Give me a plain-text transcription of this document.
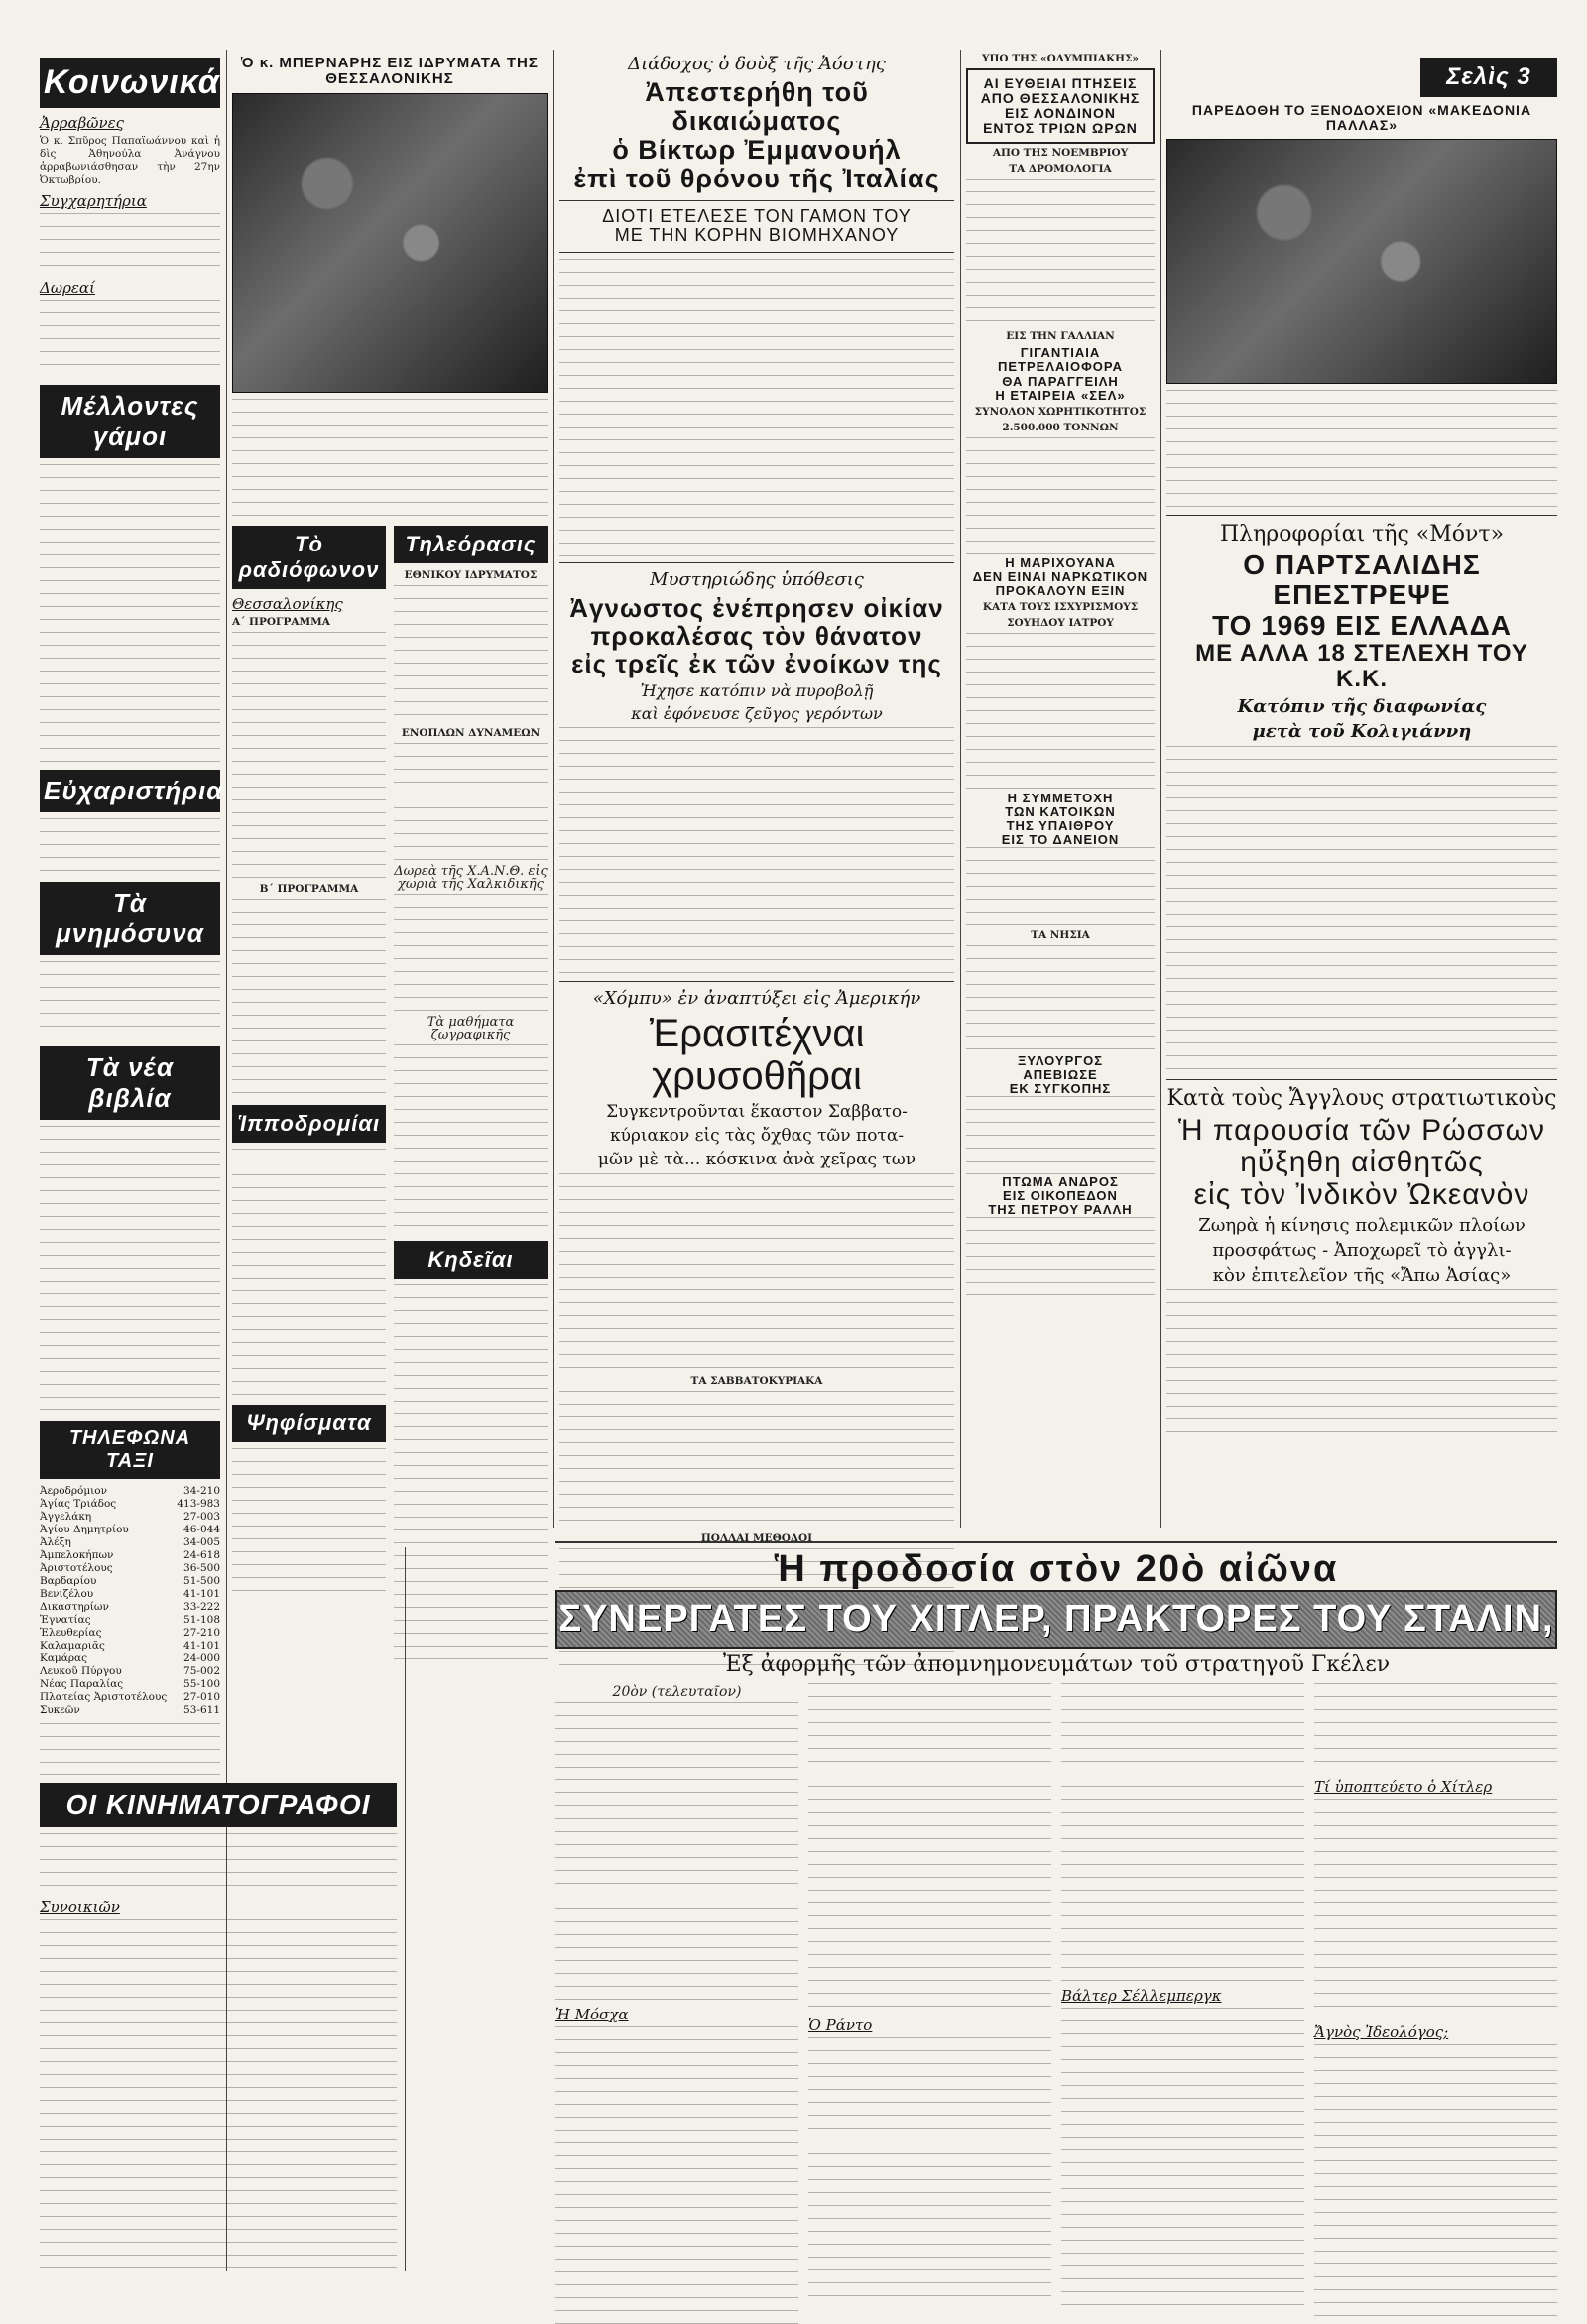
Κοινωνικά
Ἀρραβῶνες
Ὁ κ. Σπῦρος Παπαϊωάννου καὶ ἡ δὶς Ἀθηνούλα Ἀνάγνου ἀρραβωνιάσθησαν τὴν 27ην Ὀκτωβρίου.
Συγχαρητήρια
Δωρεαί
Μέλλοντες γάμοι
Εὐχαριστήρια
Τὰ μνημόσυνα
Τὰ νέα βιβλία
ΤΗΛΕΦΩΝΑ ΤΑΞΙ
Ἀεροδρόμιον	34-210
Ἁγίας Τριάδος	413-983
Ἀγγελάκη	27-003
Ἁγίου Δημητρίου	46-044
Ἀλέξη	34-005
Ἀμπελοκήπων	24-618
Ἀριστοτέλους	36-500
Βαρδαρίου	51-500
Βενιζέλου	41-101
Δικαστηρίων	33-222
Ἐγνατίας	51-108
Ἐλευθερίας	27-210
Καλαμαριᾶς	41-101
Καμάρας	24-000
Λευκοῦ Πύργου	75-002
Νέας Παραλίας	55-100
Πλατείας Ἀριστοτέλους	27-010
Συκεῶν	53-611
ΟΙ ΚΙΝΗΜΑΤΟΓΡΑΦΟΙ
Συνοικιῶν
Ὁ κ. ΜΠΕΡΝΑΡΗΣ ΕΙΣ ΙΔΡΥΜΑΤΑ ΤΗΣ ΘΕΣΣΑΛΟΝΙΚΗΣ
Τὸ ραδιόφωνον
Θεσσαλονίκης
Α΄ ΠΡΟΓΡΑΜΜΑ
Β΄ ΠΡΟΓΡΑΜΜΑ
Ἱπποδρομίαι
Ψηφίσματα
Τηλεόρασις
ΕΘΝΙΚΟΥ ΙΔΡΥΜΑΤΟΣ
ΕΝΟΠΛΩΝ ΔΥΝΑΜΕΩΝ
Δωρεὰ τῆς Χ.Α.Ν.Θ. εἰς χωριὰ τῆς Χαλκιδικῆς
Τὰ μαθήματα ζωγραφικῆς
Κηδεῖαι
Διάδοχος ὁ δοὺξ τῆς Ἀόστης
Ἀπεστερήθη τοῦ δικαιώματος
ὁ Βίκτωρ Ἐμμανουήλ
ἐπὶ τοῦ θρόνου τῆς Ἰταλίας
ΔΙΟΤΙ ΕΤΕΛΕΣΕ ΤΟΝ ΓΑΜΟΝ ΤΟΥ
ΜΕ ΤΗΝ ΚΟΡΗΝ ΒΙΟΜΗΧΑΝΟΥ
Μυστηριώδης ὑπόθεσις
Ἀγνωστος ἐνέπρησεν οἰκίαν
προκαλέσας τὸν θάνατον
εἰς τρεῖς ἐκ τῶν ἐνοίκων της
Ἠχησε κατόπιν νὰ πυροβολῇ
καὶ ἐφόνευσε ζεῦγος γερόντων
«Χόμπυ» ἐν ἀναπτύξει εἰς Ἀμερικήν
Ἐρασιτέχναι χρυσοθῆραι
Συγκεντροῦνται ἕκαστον Σαββατο-
κύριακον εἰς τὰς ὄχθας τῶν ποτα-
μῶν μὲ τὰ... κόσκινα ἀνὰ χεῖρας των
ΤΑ ΣΑΒΒΑΤΟΚΥΡΙΑΚΑ
ΠΟΛΛΑΙ ΜΕΘΟΔΟΙ
ΥΠΟ ΤΗΣ «ΟΛΥΜΠΙΑΚΗΣ»
ΑΙ ΕΥΘΕΙΑΙ ΠΤΗΣΕΙΣ
ΑΠΟ ΘΕΣΣΑΛΟΝΙΚΗΣ
ΕΙΣ ΛΟΝΔΙΝΟΝ
ΕΝΤΟΣ ΤΡΙΩΝ ΩΡΩΝ
ΑΠΟ ΤΗΣ ΝΟΕΜΒΡΙΟΥ
ΤΑ ΔΡΟΜΟΛΟΓΙΑ
ΕΙΣ ΤΗΝ ΓΑΛΛΙΑΝ
ΓΙΓΑΝΤΙΑΙΑ
ΠΕΤΡΕΛΑΙΟΦΟΡΑ
ΘΑ ΠΑΡΑΓΓΕΙΛΗ
Η ΕΤΑΙΡΕΙΑ «ΣΕΛ»
ΣΥΝΟΛΟΝ ΧΩΡΗΤΙΚΟΤΗΤΟΣ
2.500.000 ΤΟΝΝΩΝ
Η ΜΑΡΙΧΟΥΑΝΑ
ΔΕΝ ΕΙΝΑΙ ΝΑΡΚΩΤΙΚΟΝ
ΠΡΟΚΑΛΟΥΝ ΕΞΙΝ
ΚΑΤΑ ΤΟΥΣ ΙΣΧΥΡΙΣΜΟΥΣ
ΣΟΥΗΔΟΥ ΙΑΤΡΟΥ
Η ΣΥΜΜΕΤΟΧΗ
ΤΩΝ ΚΑΤΟΙΚΩΝ
ΤΗΣ ΥΠΑΙΘΡΟΥ
ΕΙΣ ΤΟ ΔΑΝΕΙΟΝ
ΤΑ ΝΗΣΙΑ
ΞΥΛΟΥΡΓΟΣ
ΑΠΕΒΙΩΣΕ
ΕΚ ΣΥΓΚΟΠΗΣ
ΠΤΩΜΑ ΑΝΔΡΟΣ
ΕΙΣ ΟΙΚΟΠΕΔΟΝ
ΤΗΣ ΠΕΤΡΟΥ ΡΑΛΛΗ
Σελὶς 3
ΠΑΡΕΔΟΘΗ ΤΟ ΞΕΝΟΔΟΧΕΙΟΝ «ΜΑΚΕΔΟΝΙΑ ΠΑΛΛΑΣ»
Πληροφορίαι τῆς «Μόντ»
Ο ΠΑΡΤΣΑΛΙΔΗΣ ΕΠΕΣΤΡΕΨΕ
ΤΟ 1969 ΕΙΣ ΕΛΛΑΔΑ
ΜΕ ΑΛΛΑ 18 ΣΤΕΛΕΧΗ ΤΟΥ Κ.Κ.
Κατόπιν τῆς διαφωνίας
μετὰ τοῦ Κολιγιάννη
Κατὰ τοὺς Ἄγγλους στρατιωτικοὺς
Ἡ παρουσία τῶν Ρώσσων
ηὔξηθη αἰσθητῶς
εἰς τὸν Ἰνδικὸν Ὠκεανὸν
Ζωηρὰ ἡ κίνησις πολεμικῶν πλοίων
προσφάτως - Ἀποχωρεῖ τὸ ἀγγλι-
κὸν ἐπιτελεῖον τῆς «Ἄπω Ἀσίας»
Ἡ προδοσία στὸν 20ὸ αἰῶνα
ΣΥΝΕΡΓΑΤΕΣ ΤΟΥ ΧΙΤΛΕΡ, ΠΡΑΚΤΟΡΕΣ ΤΟΥ ΣΤΑΛΙΝ,
Ἐξ ἀφορμῆς τῶν ἀπομνημονευμάτων τοῦ στρατηγοῦ Γκέλεν
20ὸν (τελευταῖον)
Ἡ Μόσχα
Ὁ Ράντο
Βάλτερ Σέλλεμπεργκ
Τί ὑποπτεύετο ὁ Χίτλερ
Ἄγνὸς Ἰδεολόγος;
